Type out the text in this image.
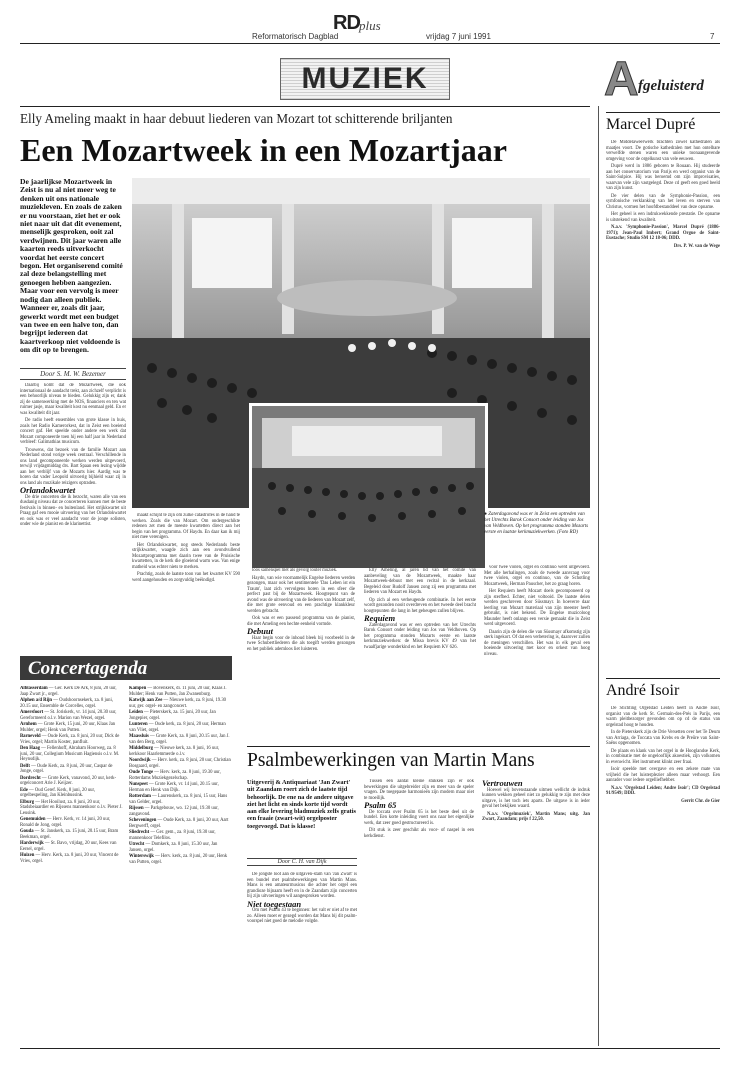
RD plus
Reformatorisch Dagblad	vrijdag 7 juni 1991	7
MUZIEK	A fgeluisterd
Elly Ameling maakt in haar debuut liederen van Mozart tot schitterende briljanten
Een Mozartweek in een Mozartjaar
De jaarlijkse Mozartweek in Zeist is nu al niet meer weg te denken uit ons nationale muziekleven. En zoals de zaken er nu voorstaan, ziet het er ook niet naar uit dat dit evenement, menselijk gesproken, ooit zal verdwijnen. Dit jaar waren alle kaarten reeds uitverkocht voordat het eerste concert begon. Het organiserend comité zal deze belangstelling met genoegen hebben aangezien. Maar voor een vervolg is meer nodig dan alleen publiek. Wanneer er, zoals dit jaar, gewerkt wordt met een budget van twee en een halve ton, dan begrijpt iedereen dat kaartverkoop niet voldoende is om dit op te brengen.
Door S. M. W. Bezemer

Daarbij komt dat de Mozartweek, die ook internationaal de aandacht trekt, aan zichzelf verplicht is een behoorlijk niveau te bieden. Gelukkig zijn er, dank zij de samenwerking met de NOS, financiers en ten wat ruimer jasje, maar kwaliteit kost nu eenmaal geld. En er was kwaliteit dit jaar.

De radio heeft ensembles van grote klasse in huis, zoals het Radio Kamerorkest, dat in Zeist een boeiend concert gaf. Het speelde onder andere een werk dat Mozart componeerde toen hij een half jaar in Nederland verbleef: Galimathias musicum.

Trouwens, dat bezoek van de familie Mozart aan Nederland stond vorige week centraal. Verschillende in ons land gecomponeerde werken werden uitgevoerd, terwijl vrijdagmiddag drs. Bart Spaan een lezing wijdde aan het verblijf van de Mozarts hier. Aardig was te horen dat vader Leopold uitvoerig bijhield waar zij in ons land als muzikale reizigers optraden.

Orlandokwartet

De drie concerten die ik bezocht, waren alle van een dusdanig niveau dat ze concerteren kunnen met de beste festivals in binnen- en buitenland. Het strijkkwartet uit Praag gaf een mooie uitvoering van het Orlandokwartet en ook was er veel aandacht voor de jonge solisten, onder wie de pianist en de klarinettist.

maakt schijnt te zijn om zulke catastrofes in de hand te werken. Zoals die van Mozart. Om ondergeschikte redenen zet men de meeste kwartetten direct aan het begin van het programma. Of Haydn. En daar kan ik mij niet mee verenigen.

Het Orlandokwartet, nog steeds Nederlands beste strijkkwartet, waagde zich aan een avondvullend Mozartprogramma met daarin twee van de Pruisische kwartetten, in de kerk die gloeiend warm was. Van enige matheid was echter niets te merken.

Prachtig, zoals de laatste toon van het kwartet KV 590 werd aangehouden en zorgvuldig beëindigd.

loos samenspel met als gevolg louter muziek.

Haydn, van wie voornamelijk Engelse liederen werden gezongen, maar ook het sentimentele 'Das Leben ist ein Traum', laat zich vervolgens horen in een sfeer die perfect past bij de Mozartweek. Hoogtepunt van de avond was de uitvoering van de liederen van Mozart zelf, die met grote eenvoud en een prachtige klankkleur werden gebracht.

Ook was er een passend programma van de pianist, die met Ameling een hechte eenheid vormde.

Debuut

Haar begin voor de inhoud bleek bij voorbeeld in de twee Schubertliederen die als toegift werden gezongen en het publiek ademloos liet luisteren.

Elly Ameling, al jaren lid van het comité van aanbeveling van de Mozartweek, maakte haar Mozartweek-debuut met een recital in de kerkzaal. Begeleid door Rudolf Jansen zong zij een programma met liederen van Mozart en Haydn.

Op zich al een verheugende combinatie. In het eerste wordt gezonden nooit overdreven en het tweede deel bracht hoogtepunten die lang in het geheugen zullen blijven.

Requiem

Zaterdagavond was er een optreden van het Utrechts Barok Consort onder leiding van Jos van Veldhoven. Op het programma stonden Mozarts eerste en laatste kerkmuziekwerken: de Missa brevis KV 49 van het twaalfjarige wonderkind en het Requiem KV 626.

● Zaterdagavond was er in Zeist een optreden van het Utrechts Barok Consort onder leiding van Jos van Veldhoven. Op het programma stonden Mozarts eerste en laatste kerkmuziekwerken. (Foto RD)

voor twee violen, orgel en continuo werd uitgevoerd. Met alle herhalingen, zoals de tweede aanvraag voor twee violen, orgel en continuo, van de Schotling Mozartweek, Herman Pauscher, het zo graag horen.

Het Requiem heeft Mozart doels gecomponeerd op zijn sterfbed. Echter, niet voltooid. De laatste delen werden geschreven door Süssmayr. In hoeverre daar leerling van Mozart materiaal van zijn meester heeft gebruikt, is niet bekend. De Engelse muzicoloog Maunder heeft onlangs een versie gemaakt die in Zeist werd uitgevoerd.

Daarin zijn de delen die van Süssmayr afkomstig zijn sterk ingekort. Of dat een verbetering is, daarover zullen de meningen verschillen. Het was in elk geval een boeiende uitvoering met koor en orkest van hoog niveau.

Concertagenda
Alblasserdam — Ger. Kerk De Ark, 8 juni, 20 uur, Jaap Zwart jr., orgel.
Alphen a/d Rijn — Oudshoornsekerk, za. 8 juni, 20.15 uur, Ensemble de Corcelles, orgel.
Amersfoort — St. Joriskerk, vr. 14 juni, 20.30 uur, Gereformeerd o.l.v. Marion van Wezel, orgel.
Arnhem — Grote Kerk, 15 juni, 20 uur, Klaas Jan Mulder, orgel; Henk van Putten.
Barneveld — Oude Kerk, za. 8 juni, 20 uur, Dick de Vries, orgel; Martin Koster, panfluit.
Den Haag — Fellenhoff, Abraham Hoorweg, za. 8 juni, 20 uur, Collegium Musicum Hagiensis o.l.v. M. Heynsdijk.
Delft — Oude Kerk, za. 8 juni, 20 uur, Caspar de Jonge, orgel.
Dordrecht — Grote Kerk, vanavond, 20 uur, kerk-orgelconcert Arie J. Keijzer.
Ede — Oud Geref. Kerk, 8 juni, 20 uur, orgelbespeling, Jan Kleinbussink.
Elburg — Het Hooilust, za. 8 juni, 20 uur, Stadsbeiaardier en Rijssens mannenkoor o.l.v. Pieter J. Leusink.
Genemuiden — Herv. Kerk, vr. 14 juni, 20 uur, Ronald de Jong, orgel.
Gouda — St. Janskerk, za. 15 juni, 20.15 uur, Bram Beekman, orgel.
Harderwijk — St. Bavo, vrijdag, 20 uur, Kees van Eersel, orgel.
Huizen — Herv. Kerk, za. 8 juni, 20 uur, Vincent de Vries, orgel.
Kampen — Bovenkerk, di. 11 juni, 20 uur, Klaas J. Mulder; Henk van Putten, Jan Zwanenburg.
Katwijk aan Zee — Nieuwe kerk, za. 8 juni, 19.30 uur, ger. orgel- en zangconcert.
Leiden — Pieterskerk, za. 15 juni, 20 uur, Jan Jongepier, orgel.
Lunteren — Oude kerk, za. 8 juni, 20 uur, Herman van Vliet, orgel.
Maassluis — Grote Kerk, za. 8 juni, 20.15 uur, Jan J. van den Berg, orgel.
Middelburg — Nieuwe kerk, za. 8 juni, 16 uur, kerkkoor Haarlemmerde o.l.v.
Noordwijk — Herv. kerk, za. 8 juni, 20 uur, Christian Bosgaard, orgel.
Oude Tonge — Herv. kerk, za. 8 juni, 19.30 uur, Rotterdams Muziekgezelschap.
Nunspeet — Grote Kerk, vr. 14 juni, 20.15 uur, Herman en Henk van Dijk.
Rotterdam — Laurenskerk, za. 8 juni, 15 uur, Hans van Gelder, orgel.
Rijssen — Parkgebouw, wo. 12 juni, 19.30 uur, zangavond.
Scheveningen — Oude Kerk, za. 8 juni, 20 uur, Aart Bergwerff, orgel.
Sliedrecht — Ger. gem., za. 8 juni, 19.30 uur, mannenkoor Telefilos.
Utrecht — Domkerk, za. 8 juni, 15.30 uur, Jan Jansen, orgel.
Winterswijk — Herv. kerk, za. 8 juni, 20 uur, Henk van Putten, orgel.
Psalmbewerkingen van Martin Mans
Uitgeverij & Antiquariaat 'Jan Zwart' uit Zaandam roert zich de laatste tijd behoorlijk. De ene na de andere uitgave ziet het licht en sinds korte tijd wordt aan elke levering bladmuziek zelfs gratis een fraaie (zwart-wit) orgelposter toegevoegd. Dat is klasse!
Door C. H. van Dijk

De jongste loot aan de uitgaven-stam van 'Jan Zwart' is een bundel met psalmbewerkingen van Martin Mans. Mans is een amateurmusicus die achter het orgel een grandioze bijnaam heeft en in de Zaandam zijn concerten bij zijn uitvoeringen wil aangesproken worden.

Niet toegestaan

Om met Psalm 43 te beginnen: het valt er niet af te met zo. Alleen moet er gezegd worden dat Mans bij dit psalm-voorspel niet goed de melodie volgde.

Tussen een aantal kleine stukken zijn er ook bewerkingen die uitgebreider zijn en meer van de speler vragen. De toegepaste harmonieën zijn modern maar niet te moeilijk.

Psalm 65

De toccata over Psalm 65 is het beste deel uit de bundel. Een korte inleiding voert ons naar het eigenlijke werk, dat zeer goed gestructureerd is.

Dit stuk is zeer geschikt als voor- of naspel in een kerkdienst.

Vertrouwen

Hoewel wij bovenstaande uitmen wellicht de indruk kunnen wekken geheel niet zo gelukkig te zijn met deze uitgave, is het toch iets aparts. De uitgave is in ieder geval het bekijken waard.

N.a.v. 'Orgelmuziek', Martin Mans; uitg. Jan Zwart, Zaandam; prijs f 22,50.

Marcel Dupré

De Middelaweerwerk brachten zowel kathedralen als maatjes voort. De gotische kathedralen met hun ontelbare verwelfde stenen waren een unieke toonaangevende omgeving voor de orgelkunst van vele eeuwen.

Dupré werd in 1886 geboren te Rouaan. Hij studeerde aan het conservatorium van Parijs en werd organist van de Saint-Sulpice. Hij was beroemd om zijn improvisaties, waarvan vele zijn vastgelegd. Deze cd geeft een goed beeld van zijn kunst.

De vier delen van de Symphonie-Passion, een symfonische verklanking van het leven en sterven van Christus, vormen het hoofdbestanddeel van deze opname.

Het geheel is een indrukwekkende prestatie. De opname is uitstekend van kwaliteit.

N.a.v. 'Symphonie-Passion', Marcel Dupré (1886-1971); Jean-Paul Imbert; Grand Orgue de Saint-Eustache; Studio SM 12 18-06; DDD.

Drs. P. W. van de Wege

André Isoir

De Stichting Orgelstad Leiden heeft in André Isoir, organist van de kerk St. Germain-des-Prés in Parijs, een warm pleitbezorger gevonden om op cd de status van orgelstad hoog te houden.

In de Pieterskerk zijn de Drie Versetten over het Te Deum van Arriaga, de Toccata van Krebs en de Preûre van Saint-Saëns opgenomen.

De plaats en klank van het orgel in de Hooglandse Kerk, in combinatie met de ongelooflijk akoestiek, zijn volkomen in evenwicht. Het instrument klinkt zeer fraai.

Isoir speelde met overgave en een zekere mate van vrijheid die het luisterplezier alleen maar verhoogt. Een aanrader voor iedere orgelliefhebber.

N.a.v. 'Orgelstad Leiden; Andre Isoir'; CD Orgelstad 91/9549; DDD.

Gerrit Chr. de Gier
